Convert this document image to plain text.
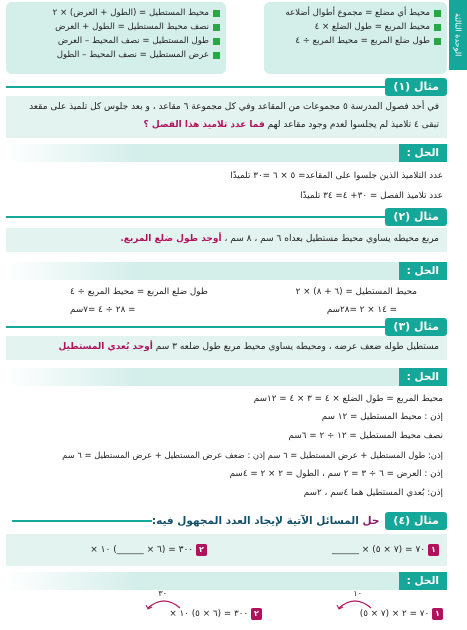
الوحدة الثالثة
محيط أي مضلع = مجموع أطوال أضلاعه
محيط المربع = طول الضلع × ٤
طول ضلع المربع = محيط المربع ÷ ٤
محيط المستطيل = (الطول + العرض) × ٢
نصف محيط المستطيل = الطول + العرض
طول المستطيل = نصف المحيط – العرض
عرض المستطيل = نصف المحيط – الطول
مثال (١)
في أحد فصول المدرسة ٥ مجموعات من المقاعد وفي كل مجموعة ٦ مقاعد ، و بعد جلوس كل تلميذ على مقعد
تبقى ٤ تلاميذ لم يجلسوا لعدم وجود مقاعد لهم فما عدد تلاميذ هذا الفصل ؟
الحل :
عدد التلاميذ الذين جلسوا على المقاعد= ٥ × ٦ =٣٠ تلميذًا
عدد تلاميذ الفصل = ٣٠+ ٤= ٣٤ تلميذًا
مثال (٢)
مربع محيطه يساوي محيط مستطيل بعداه ٦ سم ، ٨ سم ، أوجد طول ضلع المربع.
الحل :
محيط المستطيل = (٦ + ٨) × ٢
= ١٤ × ٢ =٢٨سم
طول ضلع المربع = محيط المربع ÷ ٤
= ٢٨ ÷ ٤ =٧سم
مثال (٣)
مستطيل طوله ضعف عرضه ، ومحيطه يساوي محيط مربع طول ضلعه ٣ سم أوجد بُعدي المستطيل
الحل :
محيط المربع = طول الضلع × ٤ = ٣ × ٤ = ١٢سم
إذن : محيط المستطيل = ١٢ سم
نصف محيط المستطيل = ١٢ ÷ ٢ = ٦سم
إذن: طول المستطيل + عرض المستطيل = ٦ سم إذن : ضعف عرض المستطيل + عرض المستطيل = ٦ سم
إذن : العرض = ٦ ÷ ٣ = ٢ سم ، الطول = ٢ × ٢ = ٤سم
إذن: بُعدي المستطيل هما ٤سم ، ٢سم
مثال (٤)
حل المسائل الآتية لإيجاد العدد المجهول فيه:
١ ٧٠ = (٧ × ٥) × ______
٢ ٣٠٠ = (٦ × ______) ١٠ ×
الحل :
١٠
١ ٧٠ = ٢ × (٧ × ٥)
٣٠
٢ ٣٠٠ = (٦ × ٥) ١٠ ×
